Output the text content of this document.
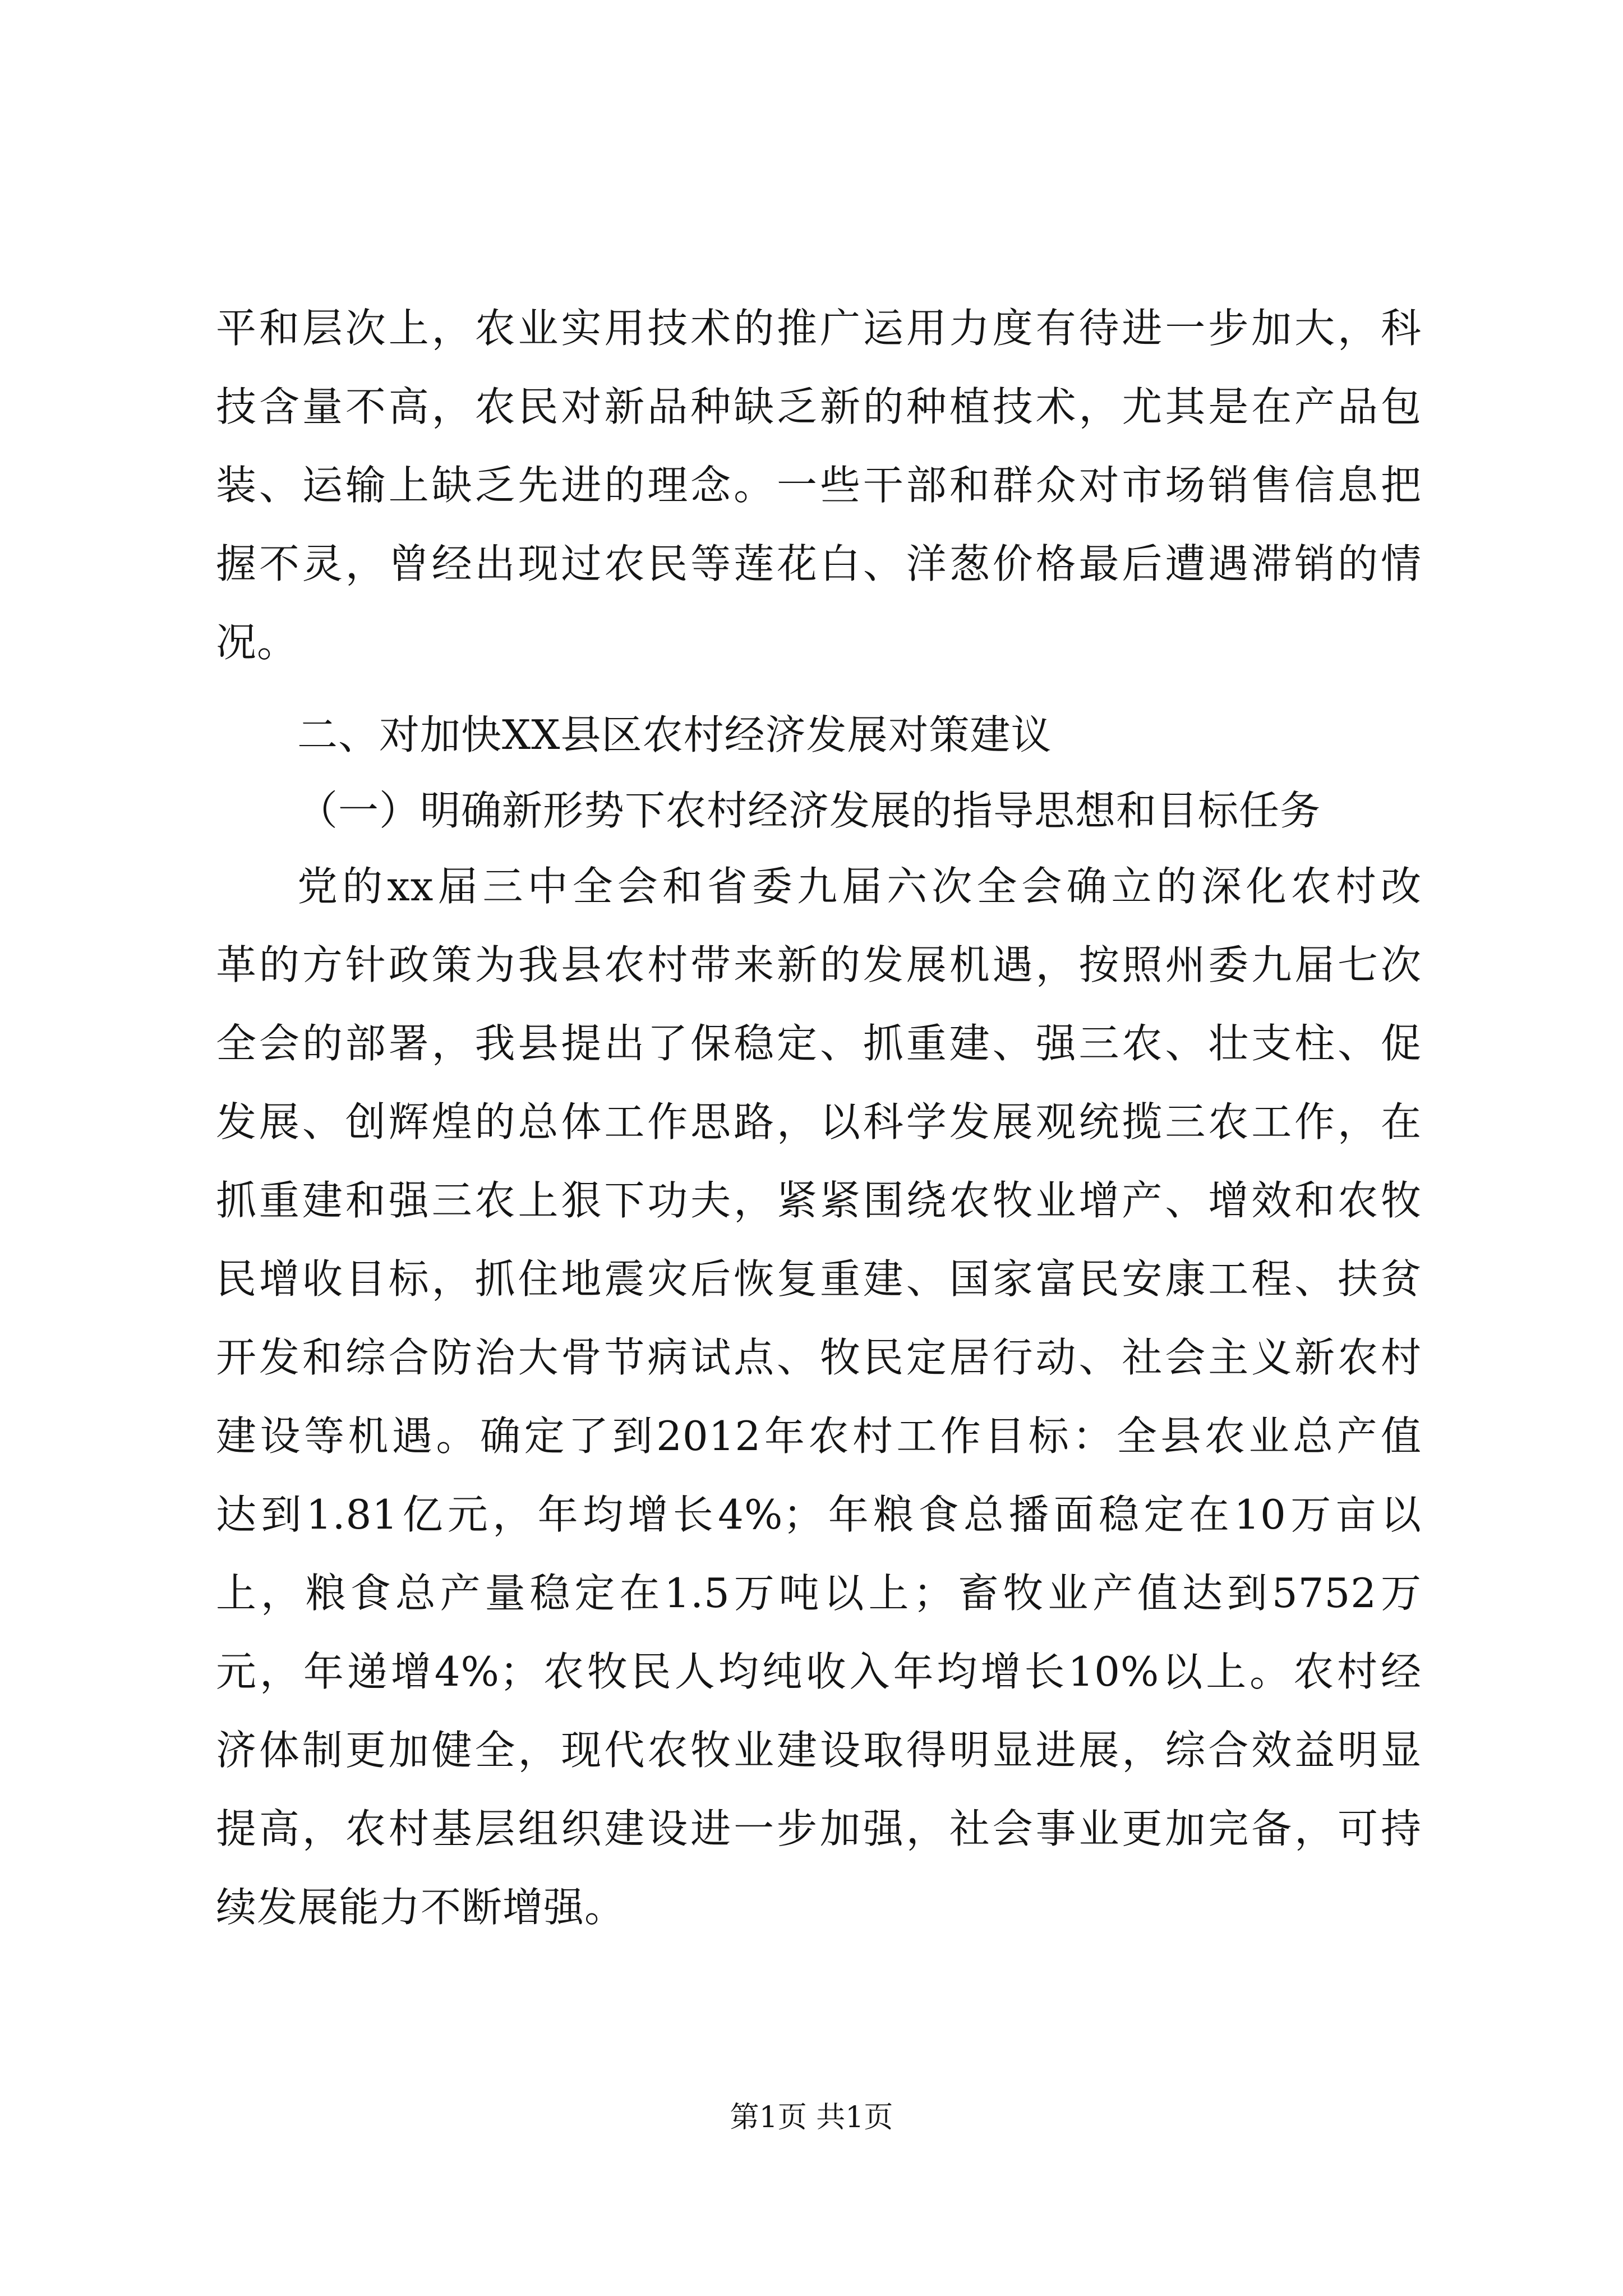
平和层次上，农业实用技术的推广运用力度有待进一步加大，科
技含量不高，农民对新品种缺乏新的种植技术，尤其是在产品包
装、运输上缺乏先进的理念。一些干部和群众对市场销售信息把
握不灵，曾经出现过农民等莲花白、洋葱价格最后遭遇滞销的情
况。
二、对加快XX县区农村经济发展对策建议
（一）明确新形势下农村经济发展的指导思想和目标任务
党的xx届三中全会和省委九届六次全会确立的深化农村改
革的方针政策为我县农村带来新的发展机遇，按照州委九届七次
全会的部署，我县提出了保稳定、抓重建、强三农、壮支柱、促
发展、创辉煌的总体工作思路，以科学发展观统揽三农工作，在
抓重建和强三农上狠下功夫，紧紧围绕农牧业增产、增效和农牧
民增收目标，抓住地震灾后恢复重建、国家富民安康工程、扶贫
开发和综合防治大骨节病试点、牧民定居行动、社会主义新农村
建设等机遇。确定了到2012年农村工作目标：全县农业总产值
达到1.81亿元，年均增长4%；年粮食总播面稳定在10万亩以
上，粮食总产量稳定在1.5万吨以上；畜牧业产值达到5752万
元，年递增4%；农牧民人均纯收入年均增长10%以上。农村经
济体制更加健全，现代农牧业建设取得明显进展，综合效益明显
提高，农村基层组织建设进一步加强，社会事业更加完备，可持
续发展能力不断增强。
第1页 共1页
